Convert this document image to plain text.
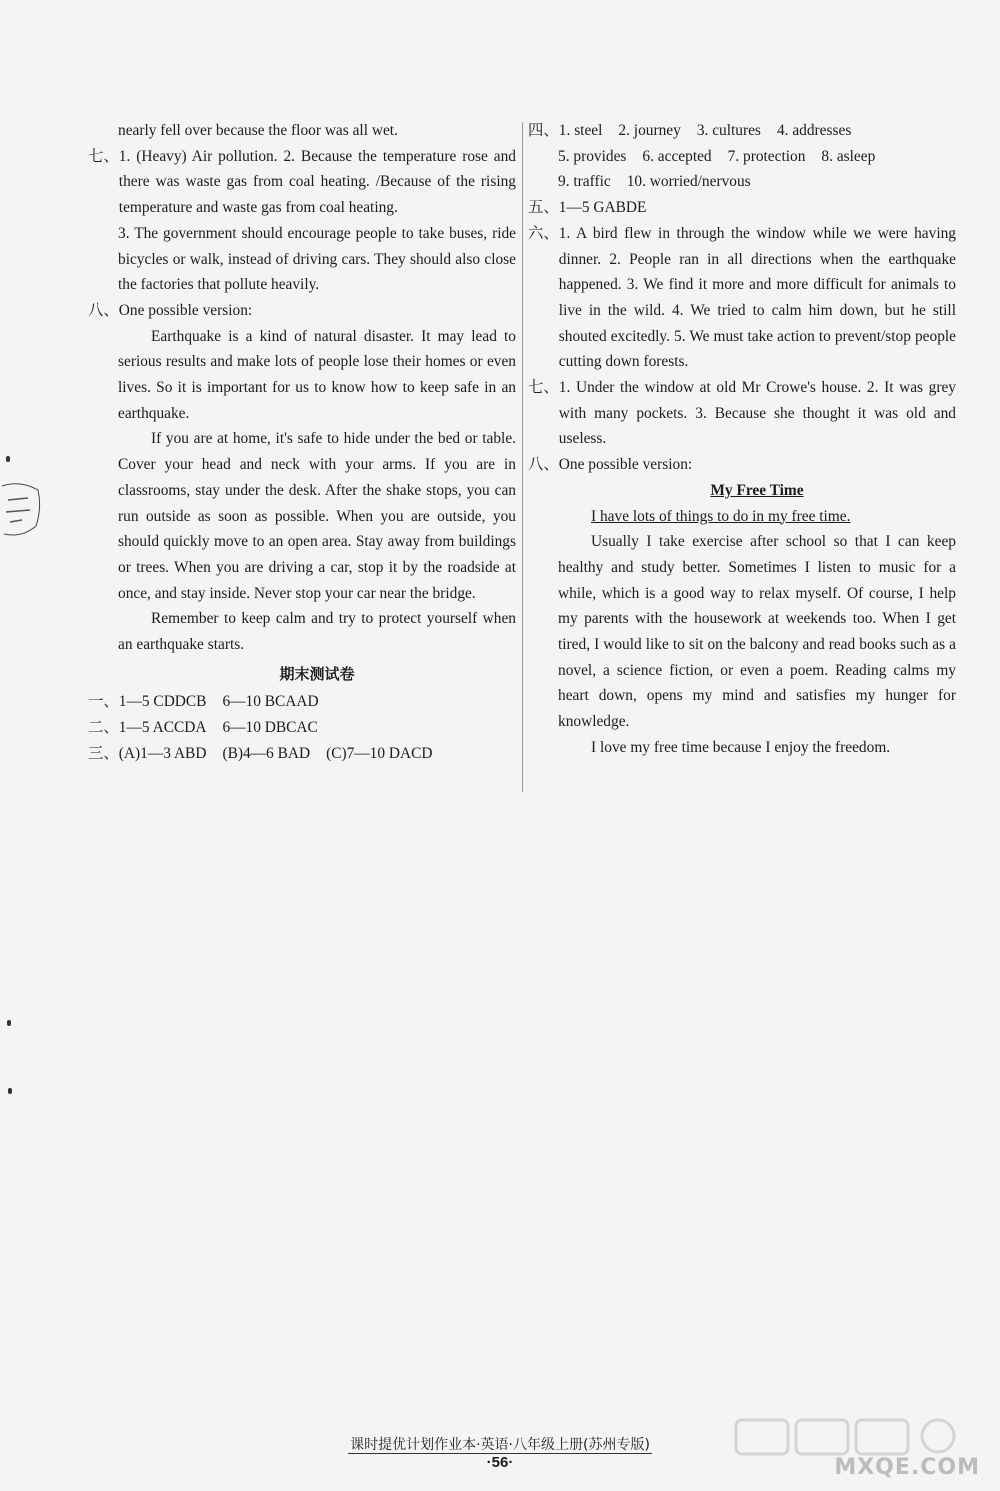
nearly fell over because the floor was all wet.
七、 1. (Heavy) Air pollution. 2. Because the temperature rose and there was waste gas from coal heating. /Because of the rising temperature and waste gas from coal heating.
3. The government should encourage people to take buses, ride bicycles or walk, instead of driving cars. They should also close the factories that pollute heavily.
八、 One possible version:
Earthquake is a kind of natural disaster. It may lead to serious results and make lots of people lose their homes or even lives. So it is important for us to know how to keep safe in an earthquake.
If you are at home, it's safe to hide under the bed or table. Cover your head and neck with your arms. If you are in classrooms, stay under the desk. After the shake stops, you can run outside as soon as possible. When you are outside, you should quickly move to an open area. Stay away from buildings or trees. When you are driving a car, stop it by the roadside at once, and stay inside. Never stop your car near the bridge.
Remember to keep calm and try to protect yourself when an earthquake starts.
期末测试卷
一、 1—5 CDDCB 6—10 BCAAD
二、 1—5 ACCDA 6—10 DBCAC
三、 (A)1—3 ABD (B)4—6 BAD (C)7—10 DACD
四、 1. steel 2. journey 3. cultures 4. addresses
5. provides 6. accepted 7. protection 8. asleep
9. traffic 10. worried/nervous
五、 1—5 GABDE
六、 1. A bird flew in through the window while we were having dinner. 2. People ran in all directions when the earthquake happened. 3. We find it more and more difficult for animals to live in the wild. 4. We tried to calm him down, but he still shouted excitedly. 5. We must take action to prevent/stop people cutting down forests.
七、 1. Under the window at old Mr Crowe's house. 2. It was grey with many pockets. 3. Because she thought it was old and useless.
八、 One possible version:
My Free Time
I have lots of things to do in my free time.
Usually I take exercise after school so that I can keep healthy and study better. Sometimes I listen to music for a while, which is a good way to relax myself. Of course, I help my parents with the housework at weekends too. When I get tired, I would like to sit on the balcony and read books such as a novel, a science fiction, or even a poem. Reading calms my heart down, opens my mind and satisfies my hunger for knowledge.
I love my free time because I enjoy the freedom.
课时提优计划作业本·英语·八年级上册(苏州专版)
·56·	MXQE.COM
